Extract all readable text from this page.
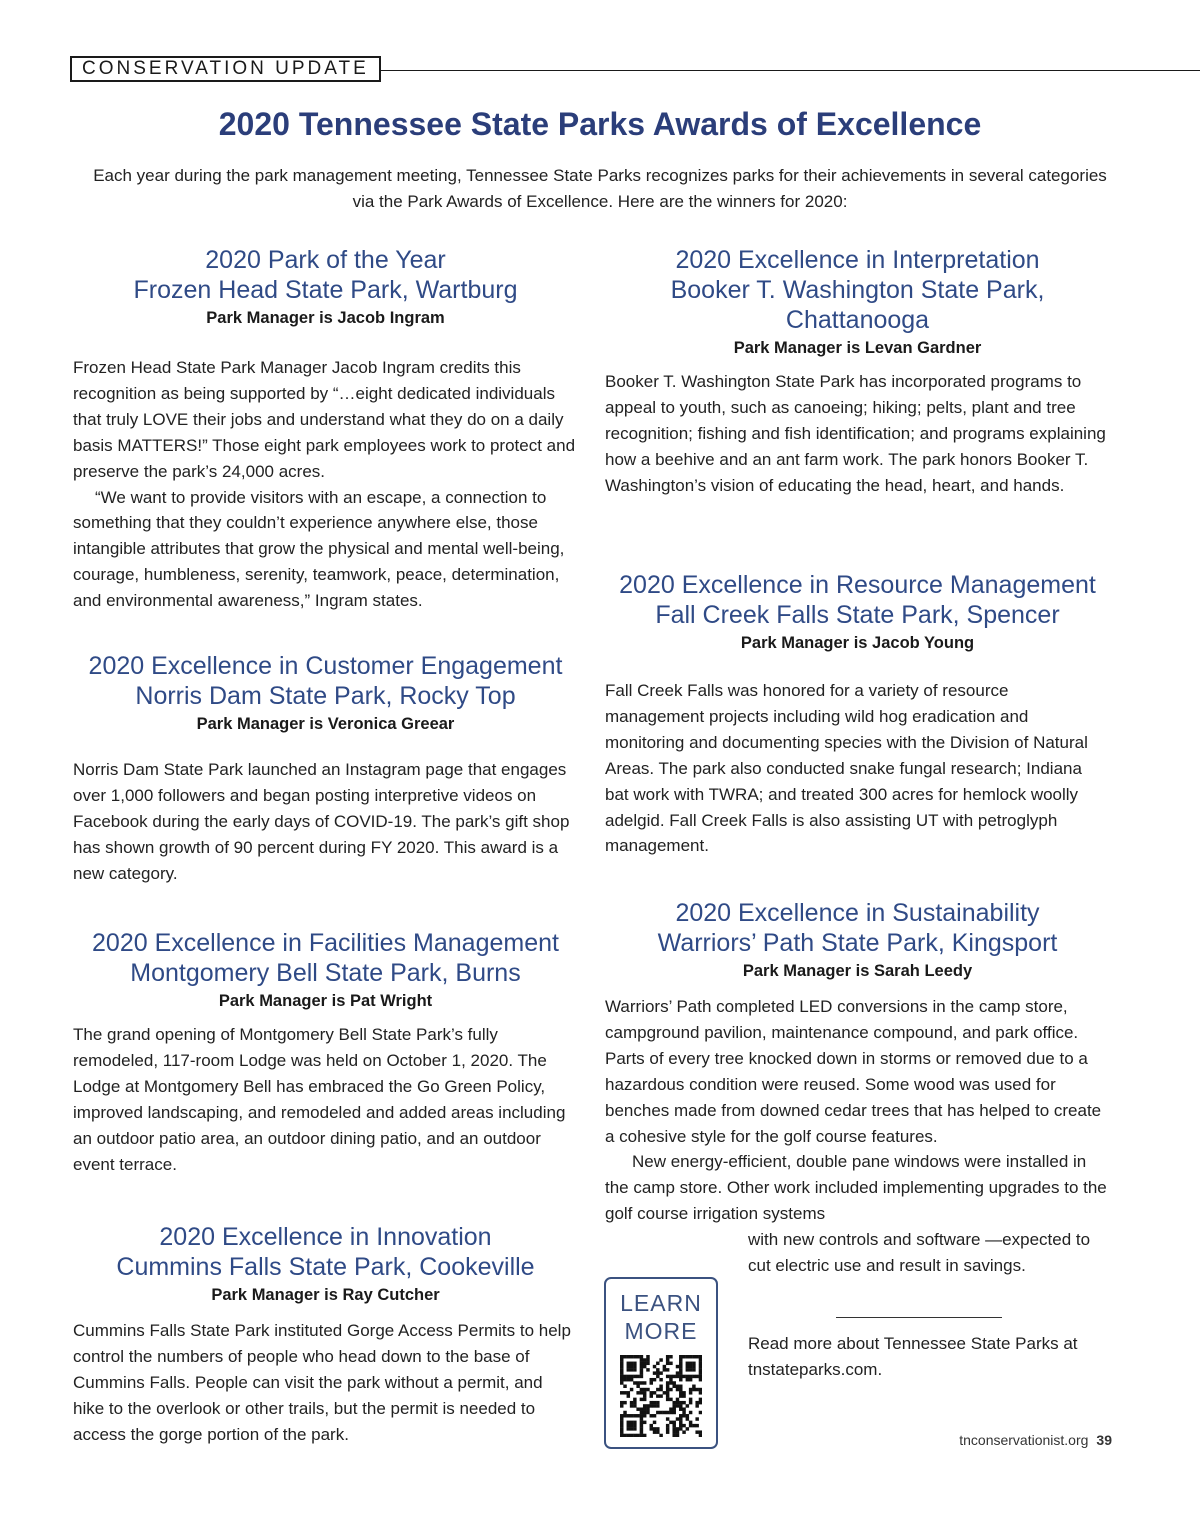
CONSERVATION UPDATE
2020 Tennessee State Parks Awards of Excellence

Each year during the park management meeting, Tennessee State Parks recognizes parks for their achievements in several categories via the Park Awards of Excellence. Here are the winners for 2020:

2020 Park of the Year
Frozen Head State Park, Wartburg

Park Manager is Jacob Ingram

Frozen Head State Park Manager Jacob Ingram credits this recognition as being supported by “…eight dedicated individuals that truly LOVE their jobs and understand what they do on a daily basis MATTERS!” Those eight park employees work to protect and preserve the park’s 24,000 acres.

“We want to provide visitors with an escape, a connection to something that they couldn’t experience anywhere else, those intangible attributes that grow the physical and mental well-being, courage, humbleness, serenity, teamwork, peace, determination, and environmental awareness,” Ingram states.

2020 Excellence in Customer Engagement
Norris Dam State Park, Rocky Top

Park Manager is Veronica Greear

Norris Dam State Park launched an Instagram page that engages over 1,000 followers and began posting interpretive videos on Facebook during the early days of COVID-19. The park’s gift shop has shown growth of 90 percent during FY 2020. This award is a new category.

2020 Excellence in Facilities Management
Montgomery Bell State Park, Burns

Park Manager is Pat Wright

The grand opening of Montgomery Bell State Park’s fully remodeled, 117-room Lodge was held on October 1, 2020. The Lodge at Montgomery Bell has embraced the Go Green Policy, improved landscaping, and remodeled and added areas including an outdoor patio area, an outdoor dining patio, and an outdoor event terrace.

2020 Excellence in Innovation
Cummins Falls State Park, Cookeville

Park Manager is Ray Cutcher

Cummins Falls State Park instituted Gorge Access Permits to help control the numbers of people who head down to the base of Cummins Falls. People can visit the park without a permit, and hike to the overlook or other trails, but the permit is needed to access the gorge portion of the park.

2020 Excellence in Interpretation
Booker T. Washington State Park,
Chattanooga

Park Manager is Levan Gardner

Booker T. Washington State Park has incorporated programs to appeal to youth, such as canoeing; hiking; pelts, plant and tree recognition; fishing and fish identification; and programs explaining how a beehive and an ant farm work. The park honors Booker T. Washington’s vision of educating the head, heart, and hands.

2020 Excellence in Resource Management
Fall Creek Falls State Park, Spencer

Park Manager is Jacob Young

Fall Creek Falls was honored for a variety of resource management projects including wild hog eradication and monitoring and documenting species with the Division of Natural Areas. The park also conducted snake fungal research; Indiana bat work with TWRA; and treated 300 acres for hemlock woolly adelgid. Fall Creek Falls is also assisting UT with petroglyph management.

2020 Excellence in Sustainability
Warriors’ Path State Park, Kingsport

Park Manager is Sarah Leedy

Warriors’ Path completed LED conversions in the camp store, campground pavilion, maintenance compound, and park office. Parts of every tree knocked down in storms or removed due to a hazardous condition were reused. Some wood was used for benches made from downed cedar trees that has helped to create a cohesive style for the golf course features.

New energy-efficient, double pane windows were installed in the camp store. Other work included implementing upgrades to the golf course irrigation systems

with new controls and software —expected to cut electric use and result in savings.

LEARN
MORE	Read more about Tennessee State Parks at tnstateparks.com.

tnconservationist.org 39
